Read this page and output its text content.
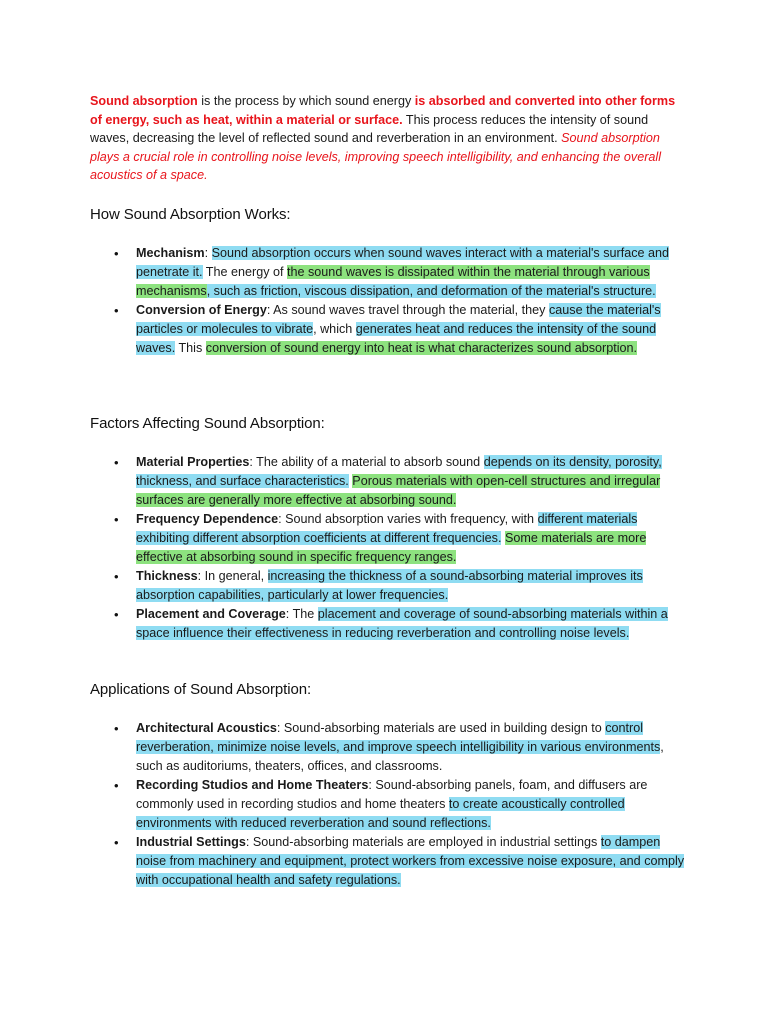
Sound absorption is the process by which sound energy is absorbed and converted into other forms of energy, such as heat, within a material or surface. This process reduces the intensity of sound waves, decreasing the level of reflected sound and reverberation in an environment. Sound absorption plays a crucial role in controlling noise levels, improving speech intelligibility, and enhancing the overall acoustics of a space.

How Sound Absorption Works:
• Mechanism: Sound absorption occurs when sound waves interact with a material's surface and penetrate it. The energy of the sound waves is dissipated within the material through various mechanisms, such as friction, viscous dissipation, and deformation of the material's structure.
• Conversion of Energy: As sound waves travel through the material, they cause the material's particles or molecules to vibrate, which generates heat and reduces the intensity of the sound waves. This conversion of sound energy into heat is what characterizes sound absorption.
Factors Affecting Sound Absorption:
• Material Properties: The ability of a material to absorb sound depends on its density, porosity, thickness, and surface characteristics. Porous materials with open-cell structures and irregular surfaces are generally more effective at absorbing sound.
• Frequency Dependence: Sound absorption varies with frequency, with different materials exhibiting different absorption coefficients at different frequencies. Some materials are more effective at absorbing sound in specific frequency ranges.
• Thickness: In general, increasing the thickness of a sound-absorbing material improves its absorption capabilities, particularly at lower frequencies.
• Placement and Coverage: The placement and coverage of sound-absorbing materials within a space influence their effectiveness in reducing reverberation and controlling noise levels.
Applications of Sound Absorption:
• Architectural Acoustics: Sound-absorbing materials are used in building design to control reverberation, minimize noise levels, and improve speech intelligibility in various environments, such as auditoriums, theaters, offices, and classrooms.
• Recording Studios and Home Theaters: Sound-absorbing panels, foam, and diffusers are commonly used in recording studios and home theaters to create acoustically controlled environments with reduced reverberation and sound reflections.
• Industrial Settings: Sound-absorbing materials are employed in industrial settings to dampen noise from machinery and equipment, protect workers from excessive noise exposure, and comply with occupational health and safety regulations.
